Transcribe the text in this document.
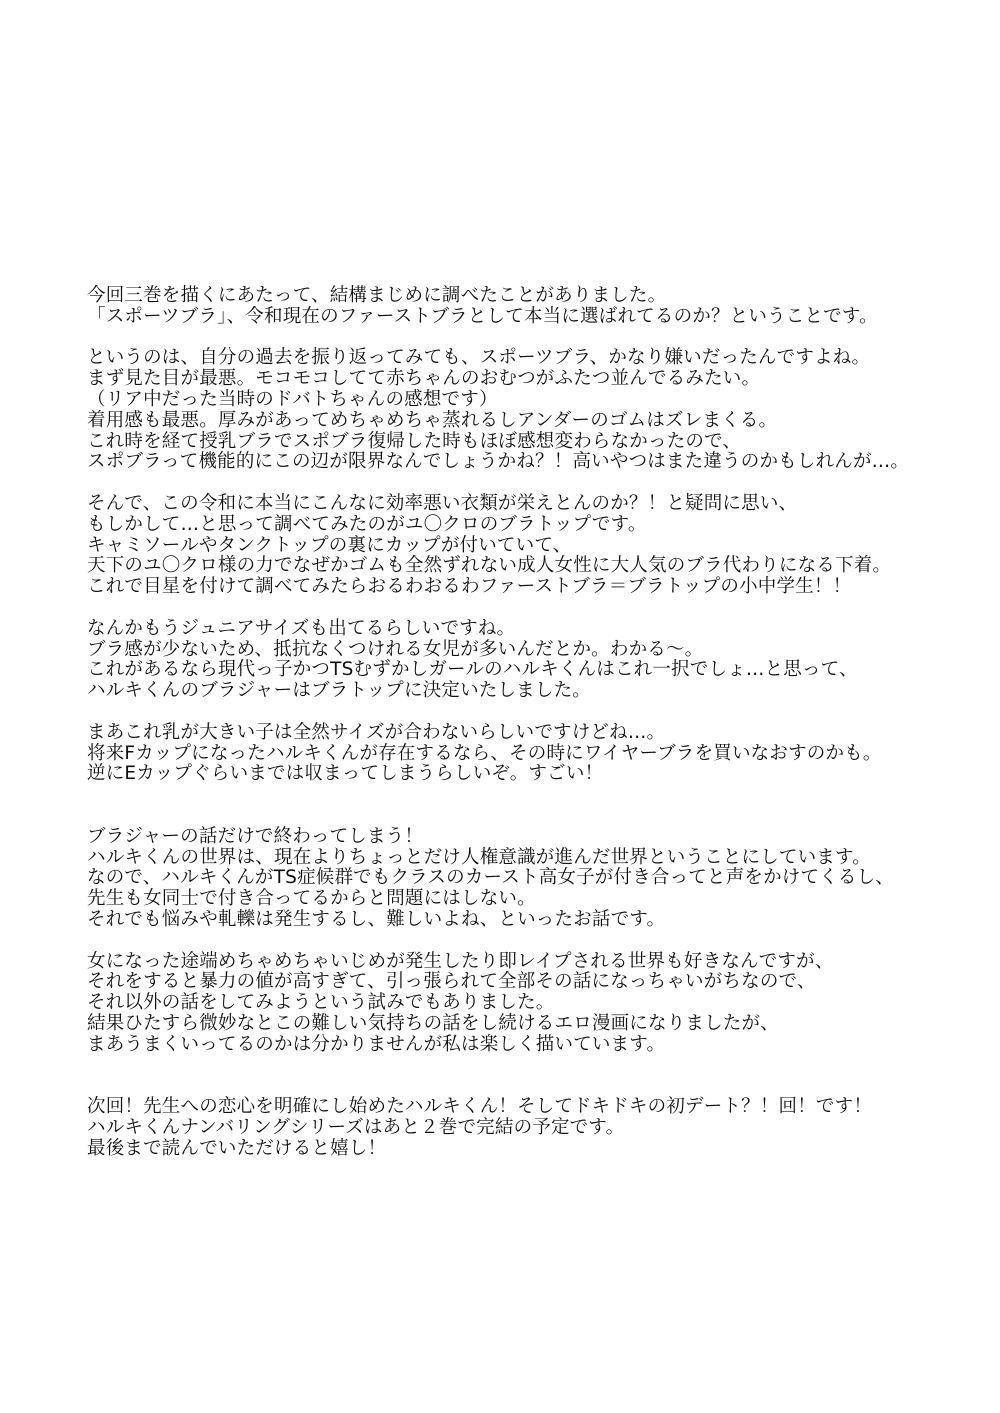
今回三巻を描くにあたって、結構まじめに調べたことがありました。
「スポーツブラ」、令和現在のファーストブラとして本当に選ばれてるのか？ということです。
というのは、自分の過去を振り返ってみても、スポーツブラ、かなり嫌いだったんですよね。
まず見た目が最悪。モコモコしてて赤ちゃんのおむつがふたつ並んでるみたい。
（リア中だった当時のドバトちゃんの感想です）
着用感も最悪。厚みがあってめちゃめちゃ蒸れるしアンダーのゴムはズレまくる。
これ時を経て授乳ブラでスポブラ復帰した時もほぼ感想変わらなかったので、
スポブラって機能的にこの辺が限界なんでしょうかね？！高いやつはまた違うのかもしれんが…。
そんで、この令和に本当にこんなに効率悪い衣類が栄えとんのか？！と疑問に思い、
もしかして…と思って調べてみたのがユ〇クロのブラトップです。
キャミソールやタンクトップの裏にカップが付いていて、
天下のユ〇クロ様の力でなぜかゴムも全然ずれない成人女性に大人気のブラ代わりになる下着。
これで目星を付けて調べてみたらおるわおるわファーストブラ＝ブラトップの小中学生！！
なんかもうジュニアサイズも出てるらしいですね。
ブラ感が少ないため、抵抗なくつけれる女児が多いんだとか。わかる～。
これがあるなら現代っ子かつTSむずかしガールのハルキくんはこれ一択でしょ…と思って、
ハルキくんのブラジャーはブラトップに決定いたしました。
まあこれ乳が大きい子は全然サイズが合わないらしいですけどね…。
将来Fカップになったハルキくんが存在するなら、その時にワイヤーブラを買いなおすのかも。
逆にEカップぐらいまでは収まってしまうらしいぞ。すごい！
ブラジャーの話だけで終わってしまう！
ハルキくんの世界は、現在よりちょっとだけ人権意識が進んだ世界ということにしています。
なので、ハルキくんがTS症候群でもクラスのカースト高女子が付き合ってと声をかけてくるし、
先生も女同士で付き合ってるからと問題にはしない。
それでも悩みや軋轢は発生するし、難しいよね、といったお話です。
女になった途端めちゃめちゃいじめが発生したり即レイプされる世界も好きなんですが、
それをすると暴力の値が高すぎて、引っ張られて全部その話になっちゃいがちなので、
それ以外の話をしてみようという試みでもありました。
結果ひたすら微妙なとこの難しい気持ちの話をし続けるエロ漫画になりましたが、
まあうまくいってるのかは分かりませんが私は楽しく描いています。
次回！先生への恋心を明確にし始めたハルキくん！そしてドキドキの初デート？！回！です！
ハルキくんナンバリングシリーズはあと２巻で完結の予定です。
最後まで読んでいただけると嬉し！
